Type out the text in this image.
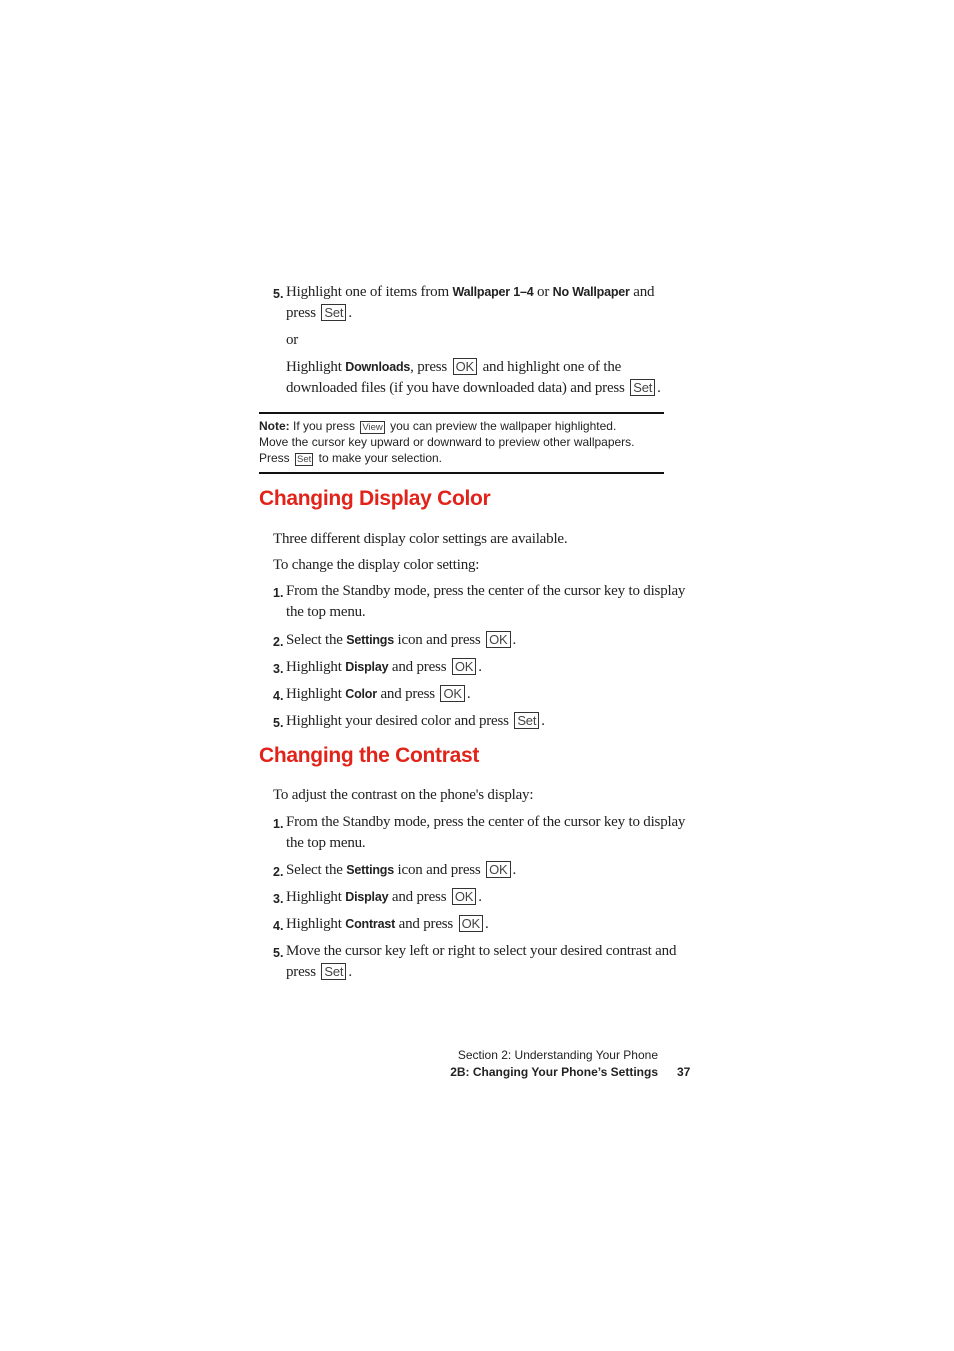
5. Highlight one of items from Wallpaper 1–4 or No Wallpaper and
press Set .
or
Highlight Downloads, press OK and highlight one of the
downloaded files (if you have downloaded data) and press Set .
Note: If you press View you can preview the wallpaper highlighted.
Move the cursor key upward or downward to preview other wallpapers.
Press Set to make your selection.
Changing Display Color
Three different display color settings are available.
To change the display color setting:
1. From the Standby mode, press the center of the cursor key to display
the top menu.
2. Select the Settings icon and press OK .
3. Highlight Display and press OK .
4. Highlight Color and press OK .
5. Highlight your desired color and press Set .
Changing the Contrast
To adjust the contrast on the phone's display:
1. From the Standby mode, press the center of the cursor key to display
the top menu.
2. Select the Settings icon and press OK .
3. Highlight Display and press OK .
4. Highlight Contrast and press OK .
5. Move the cursor key left or right to select your desired contrast and
press Set .
Section 2: Understanding Your Phone
2B: Changing Your Phone’s Settings 37
